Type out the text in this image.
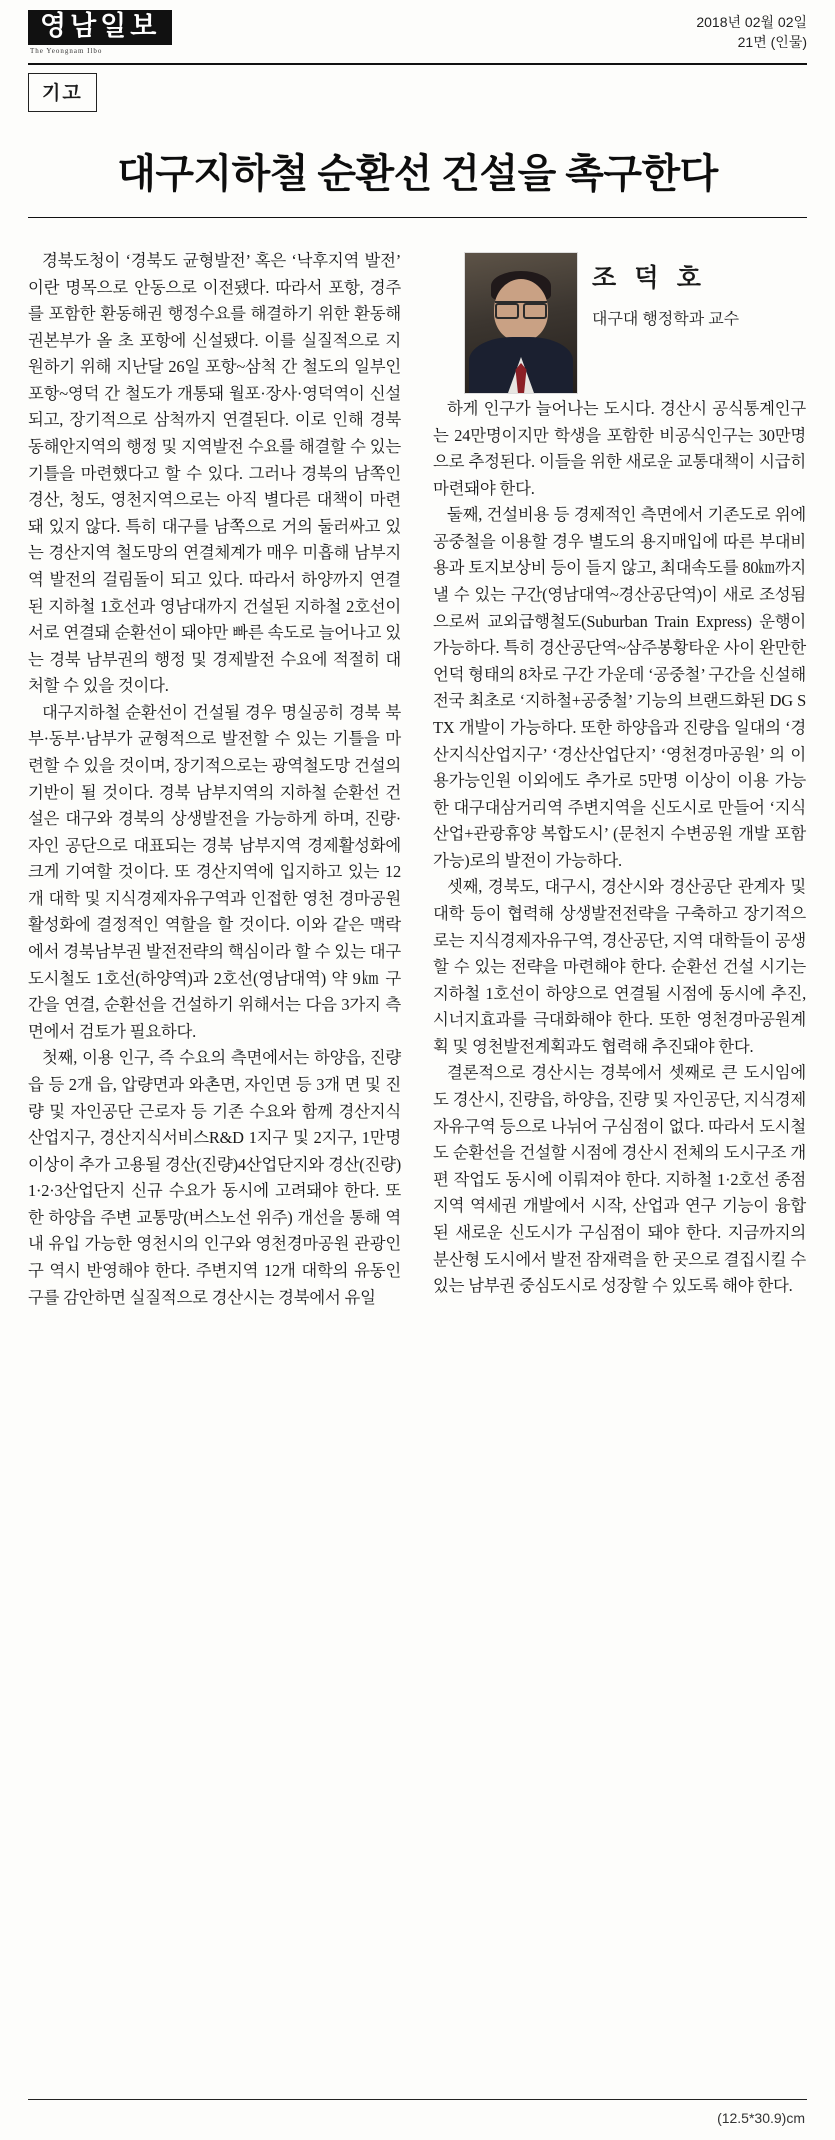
영남일보
The Yeongnam Ilbo
2018년 02월 02일
21면 (인물)
기고
대구지하철 순환선 건설을 촉구한다
조 덕 호
대구대 행정학과 교수

경북도청이 ‘경북도 균형발전’ 혹은 ‘낙후지역 발전’ 이란 명목으로 안동으로 이전됐다. 따라서 포항, 경주를 포함한 환동해권 행정수요를 해결하기 위한 환동해권본부가 올 초 포항에 신설됐다. 이를 실질적으로 지원하기 위해 지난달 26일 포항~삼척 간 철도의 일부인 포항~영덕 간 철도가 개통돼 월포·장사·영덕역이 신설되고, 장기적으로 삼척까지 연결된다. 이로 인해 경북 동해안지역의 행정 및 지역발전 수요를 해결할 수 있는 기틀을 마련했다고 할 수 있다. 그러나 경북의 남쪽인 경산, 청도, 영천지역으로는 아직 별다른 대책이 마련돼 있지 않다. 특히 대구를 남쪽으로 거의 둘러싸고 있는 경산지역 철도망의 연결체계가 매우 미흡해 남부지역 발전의 걸림돌이 되고 있다. 따라서 하양까지 연결된 지하철 1호선과 영남대까지 건설된 지하철 2호선이 서로 연결돼 순환선이 돼야만 빠른 속도로 늘어나고 있는 경북 남부권의 행정 및 경제발전 수요에 적절히 대처할 수 있을 것이다.

대구지하철 순환선이 건설될 경우 명실공히 경북 북부·동부·남부가 균형적으로 발전할 수 있는 기틀을 마련할 수 있을 것이며, 장기적으로는 광역철도망 건설의 기반이 될 것이다. 경북 남부지역의 지하철 순환선 건설은 대구와 경북의 상생발전을 가능하게 하며, 진량·자인 공단으로 대표되는 경북 남부지역 경제활성화에 크게 기여할 것이다. 또 경산지역에 입지하고 있는 12개 대학 및 지식경제자유구역과 인접한 영천 경마공원 활성화에 결정적인 역할을 할 것이다. 이와 같은 맥락에서 경북남부권 발전전략의 핵심이라 할 수 있는 대구도시철도 1호선(하양역)과 2호선(영남대역) 약 9㎞ 구간을 연결, 순환선을 건설하기 위해서는 다음 3가지 측면에서 검토가 필요하다.

첫째, 이용 인구, 즉 수요의 측면에서는 하양읍, 진량읍 등 2개 읍, 압량면과 와촌면, 자인면 등 3개 면 및 진량 및 자인공단 근로자 등 기존 수요와 함께 경산지식산업지구, 경산지식서비스R&D 1지구 및 2지구, 1만명 이상이 추가 고용될 경산(진량)4산업단지와 경산(진량)1·2·3산업단지 신규 수요가 동시에 고려돼야 한다. 또한 하양읍 주변 교통망(버스노선 위주) 개선을 통해 역내 유입 가능한 영천시의 인구와 영천경마공원 관광인구 역시 반영해야 한다. 주변지역 12개 대학의 유동인구를 감안하면 실질적으로 경산시는 경북에서 유일

하게 인구가 늘어나는 도시다. 경산시 공식통계인구는 24만명이지만 학생을 포함한 비공식인구는 30만명으로 추정된다. 이들을 위한 새로운 교통대책이 시급히 마련돼야 한다.

둘째, 건설비용 등 경제적인 측면에서 기존도로 위에 공중철을 이용할 경우 별도의 용지매입에 따른 부대비용과 토지보상비 등이 들지 않고, 최대속도를 80㎞까지 낼 수 있는 구간(영남대역~경산공단역)이 새로 조성됨으로써 교외급행철도(Suburban Train Express) 운행이 가능하다. 특히 경산공단역~삼주봉황타운 사이 완만한 언덕 형태의 8차로 구간 가운데 ‘공중철’ 구간을 신설해 전국 최초로 ‘지하철+공중철’ 기능의 브랜드화된 DG STX 개발이 가능하다. 또한 하양읍과 진량읍 일대의 ‘경산지식산업지구’ ‘경산산업단지’ ‘영천경마공원’ 의 이용가능인원 이외에도 추가로 5만명 이상이 이용 가능한 대구대삼거리역 주변지역을 신도시로 만들어 ‘지식산업+관광휴양 복합도시’ (문천지 수변공원 개발 포함 가능)로의 발전이 가능하다.

셋째, 경북도, 대구시, 경산시와 경산공단 관계자 및 대학 등이 협력해 상생발전전략을 구축하고 장기적으로는 지식경제자유구역, 경산공단, 지역 대학들이 공생할 수 있는 전략을 마련해야 한다. 순환선 건설 시기는 지하철 1호선이 하양으로 연결될 시점에 동시에 추진, 시너지효과를 극대화해야 한다. 또한 영천경마공원계획 및 영천발전계획과도 협력해 추진돼야 한다.

결론적으로 경산시는 경북에서 셋째로 큰 도시임에도 경산시, 진량읍, 하양읍, 진량 및 자인공단, 지식경제자유구역 등으로 나뉘어 구심점이 없다. 따라서 도시철도 순환선을 건설할 시점에 경산시 전체의 도시구조 개편 작업도 동시에 이뤄져야 한다. 지하철 1·2호선 종점지역 역세권 개발에서 시작, 산업과 연구 기능이 융합된 새로운 신도시가 구심점이 돼야 한다. 지금까지의 분산형 도시에서 발전 잠재력을 한 곳으로 결집시킬 수 있는 남부권 중심도시로 성장할 수 있도록 해야 한다.

(12.5*30.9)cm
